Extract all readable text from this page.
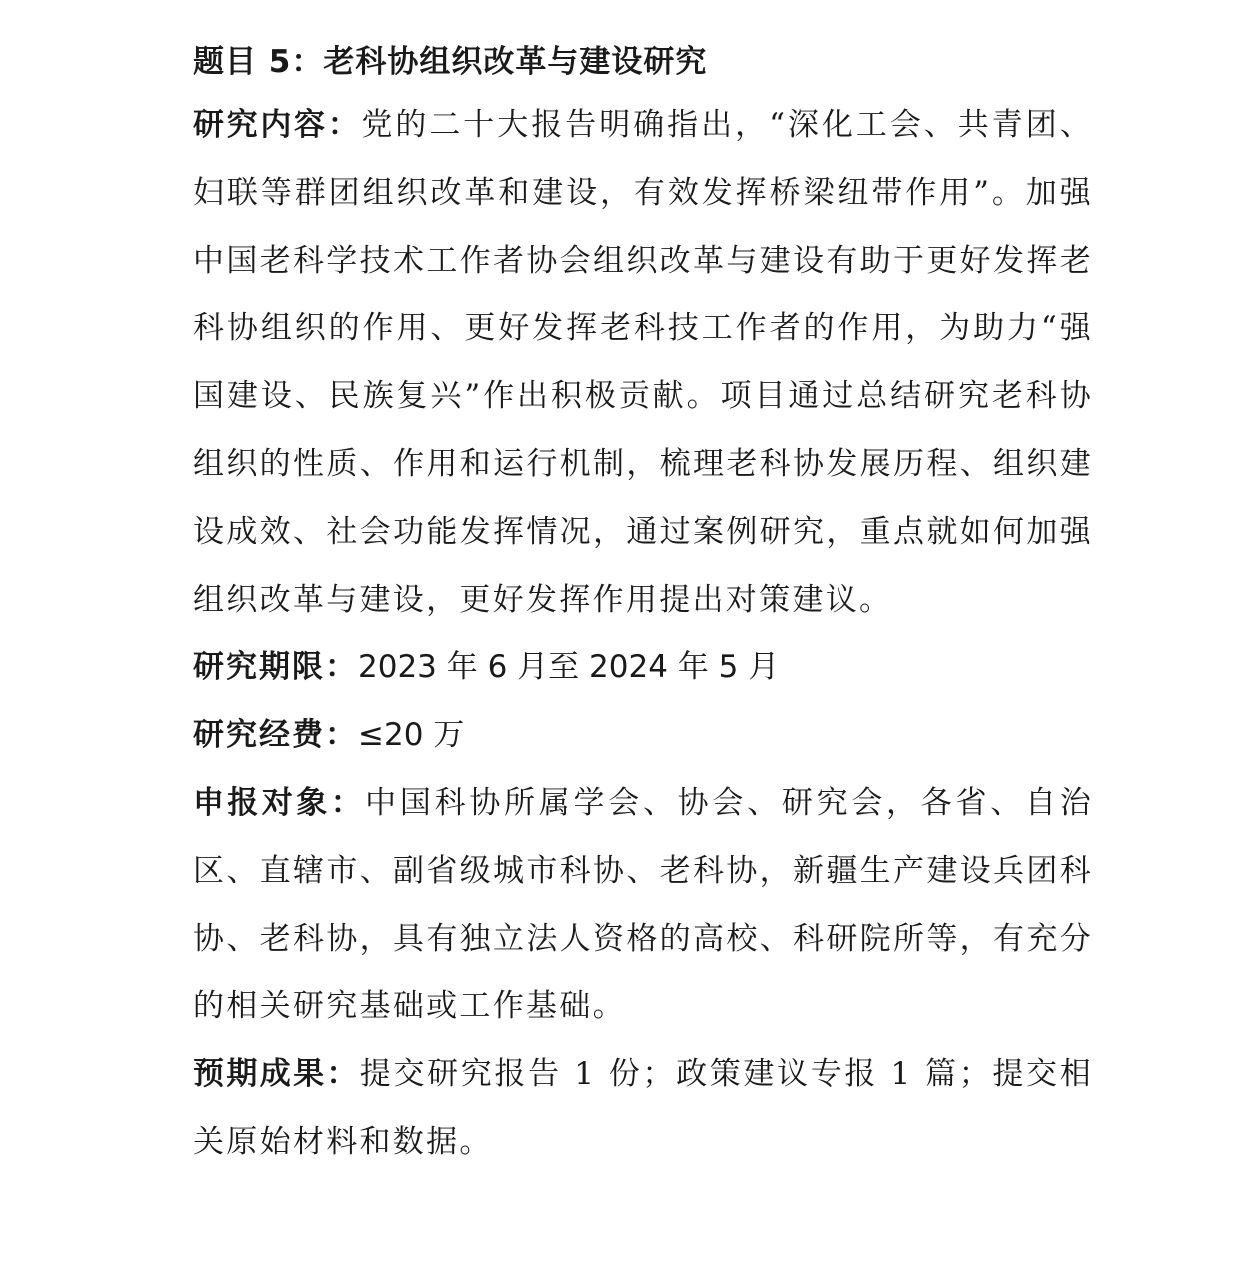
题目 5：老科协组织改革与建设研究

研究内容：党的二十大报告明确指出，“深化工会、共青团、妇联等群团组织改革和建设，有效发挥桥梁纽带作用”。加强中国老科学技术工作者协会组织改革与建设有助于更好发挥老科协组织的作用、更好发挥老科技工作者的作用，为助力“强国建设、民族复兴”作出积极贡献。项目通过总结研究老科协组织的性质、作用和运行机制，梳理老科协发展历程、组织建设成效、社会功能发挥情况，通过案例研究，重点就如何加强组织改革与建设，更好发挥作用提出对策建议。

研究期限：2023 年 6 月至 2024 年 5 月

研究经费：≤20 万

申报对象：中国科协所属学会、协会、研究会，各省、自治区、直辖市、副省级城市科协、老科协，新疆生产建设兵团科协、老科协，具有独立法人资格的高校、科研院所等，有充分的相关研究基础或工作基础。

预期成果：提交研究报告 1 份；政策建议专报 1 篇；提交相关原始材料和数据。
